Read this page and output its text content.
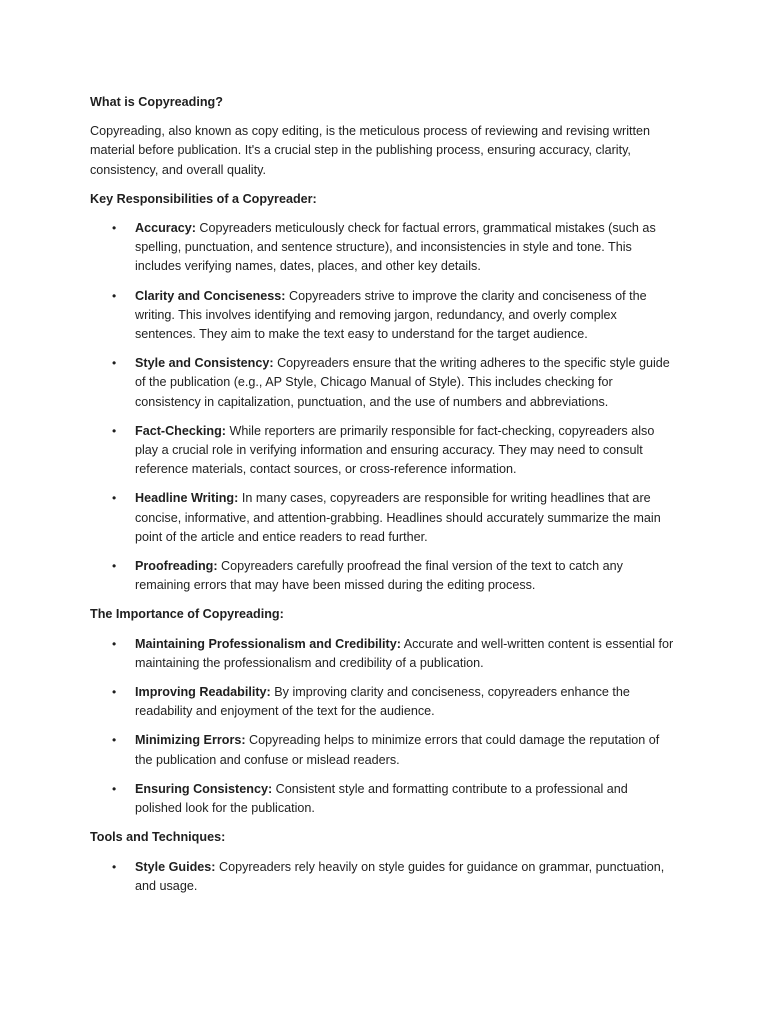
What is Copyreading?

Copyreading, also known as copy editing, is the meticulous process of reviewing and revising written material before publication. It's a crucial step in the publishing process, ensuring accuracy, clarity, consistency, and overall quality.

Key Responsibilities of a Copyreader:

• Accuracy: Copyreaders meticulously check for factual errors, grammatical mistakes (such as spelling, punctuation, and sentence structure), and inconsistencies in style and tone. This includes verifying names, dates, places, and other key details.
• Clarity and Conciseness: Copyreaders strive to improve the clarity and conciseness of the writing. This involves identifying and removing jargon, redundancy, and overly complex sentences. They aim to make the text easy to understand for the target audience.
• Style and Consistency: Copyreaders ensure that the writing adheres to the specific style guide of the publication (e.g., AP Style, Chicago Manual of Style). This includes checking for consistency in capitalization, punctuation, and the use of numbers and abbreviations.
• Fact-Checking: While reporters are primarily responsible for fact-checking, copyreaders also play a crucial role in verifying information and ensuring accuracy. They may need to consult reference materials, contact sources, or cross-reference information.
• Headline Writing: In many cases, copyreaders are responsible for writing headlines that are concise, informative, and attention-grabbing. Headlines should accurately summarize the main point of the article and entice readers to read further.
• Proofreading: Copyreaders carefully proofread the final version of the text to catch any remaining errors that may have been missed during the editing process.

The Importance of Copyreading:

• Maintaining Professionalism and Credibility: Accurate and well-written content is essential for maintaining the professionalism and credibility of a publication.
• Improving Readability: By improving clarity and conciseness, copyreaders enhance the readability and enjoyment of the text for the audience.
• Minimizing Errors: Copyreading helps to minimize errors that could damage the reputation of the publication and confuse or mislead readers.
• Ensuring Consistency: Consistent style and formatting contribute to a professional and polished look for the publication.

Tools and Techniques:

• Style Guides: Copyreaders rely heavily on style guides for guidance on grammar, punctuation, and usage.
